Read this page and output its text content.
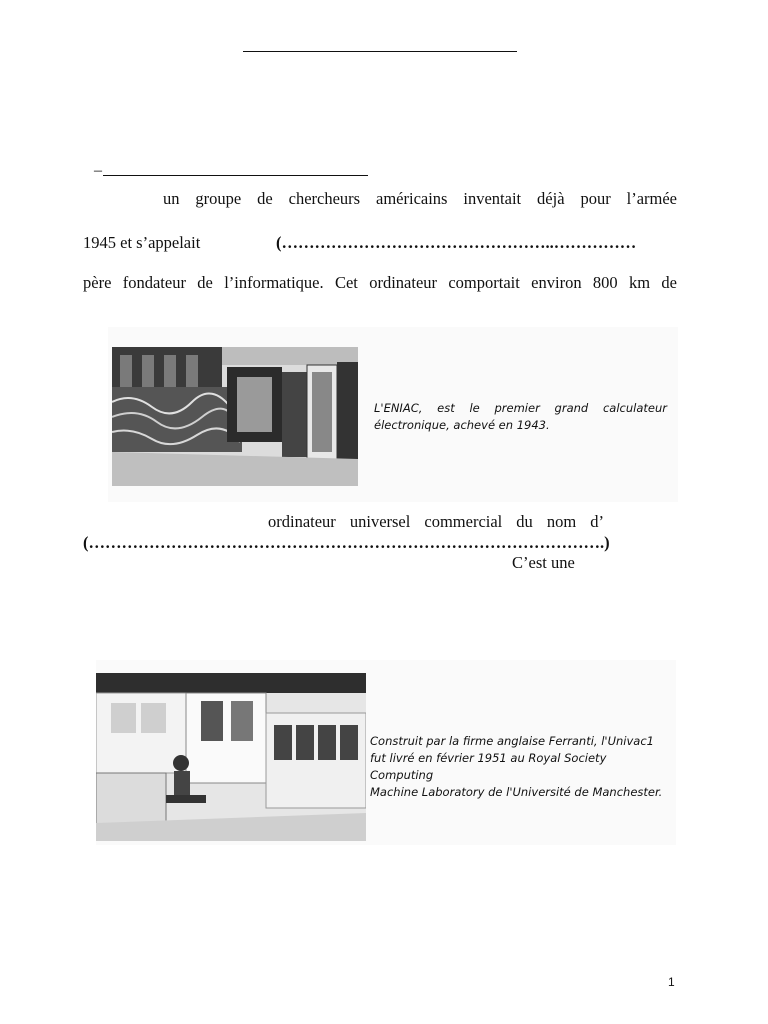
–
un groupe de chercheurs américains inventait déjà pour l’armée
1945 et s’appelait	(…………………………………………..……………
père fondateur de l’informatique. Cet ordinateur comportait environ 800 km de
L'ENIAC, est le premier grand calculateur
électronique, achevé en 1943.
ordinateur universel commercial du nom d’
(………………………………………………………………………………….)
C’est une
Construit par la firme anglaise Ferranti, l'Univac1
fut livré en février 1951 au Royal Society Computing
Machine Laboratory de l'Université de Manchester.
1
